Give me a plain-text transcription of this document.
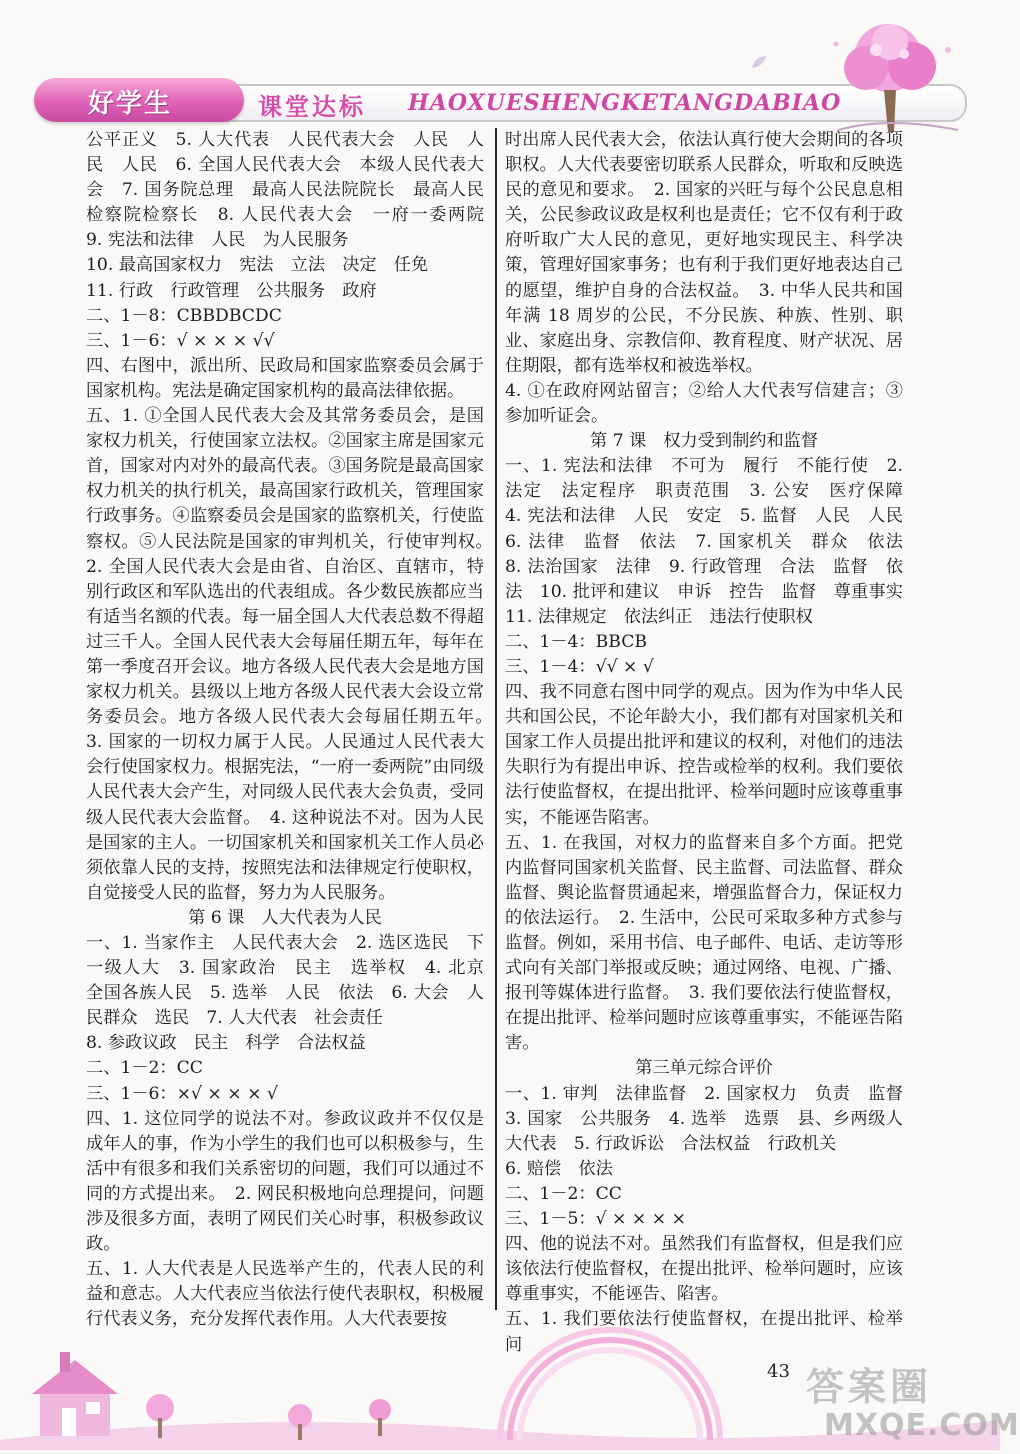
好学生	课堂达标 HAOXUESHENGKETANGDABIAO

公平正义　5. 人大代表　人民代表大会　人民　人民　人民　6. 全国人民代表大会　本级人民代表大会　7. 国务院总理　最高人民法院院长　最高人民检察院检察长　8. 人民代表大会　一府一委两院　9. 宪法和法律　人民　为人民服务

10. 最高国家权力　宪法　立法　决定　任免

11. 行政　行政管理　公共服务　政府

二、1－8：CBBDBCDC

三、1－6：√ × × × √√

四、右图中，派出所、民政局和国家监察委员会属于国家机构。宪法是确定国家机构的最高法律依据。

五、1. ①全国人民代表大会及其常务委员会，是国家权力机关，行使国家立法权。②国家主席是国家元首，国家对内对外的最高代表。③国务院是最高国家权力机关的执行机关，最高国家行政机关，管理国家行政事务。④监察委员会是国家的监察机关，行使监察权。⑤人民法院是国家的审判机关，行使审判权。　2. 全国人民代表大会是由省、自治区、直辖市，特别行政区和军队选出的代表组成。各少数民族都应当有适当名额的代表。每一届全国人大代表总数不得超过三千人。全国人民代表大会每届任期五年，每年在第一季度召开会议。地方各级人民代表大会是地方国家权力机关。县级以上地方各级人民代表大会设立常务委员会。地方各级人民代表大会每届任期五年。　3. 国家的一切权力属于人民。人民通过人民代表大会行使国家权力。根据宪法，“一府一委两院”由同级人民代表大会产生，对同级人民代表大会负责，受同级人民代表大会监督。　4. 这种说法不对。因为人民是国家的主人。一切国家机关和国家机关工作人员必须依靠人民的支持，按照宪法和法律规定行使职权，自觉接受人民的监督，努力为人民服务。

第 6 课　人大代表为人民

一、1. 当家作主　人民代表大会　2. 选区选民　下一级人大　3. 国家政治　民主　选举权　4. 北京　全国各族人民　5. 选举　人民　依法　6. 大会　人民群众　选民　7. 人大代表　社会责任

8. 参政议政　民主　科学　合法权益

二、1－2：CC

三、1－6：×√ × × × √

四、1. 这位同学的说法不对。参政议政并不仅仅是成年人的事，作为小学生的我们也可以积极参与，生活中有很多和我们关系密切的问题，我们可以通过不同的方式提出来。　2. 网民积极地向总理提问，问题涉及很多方面，表明了网民们关心时事，积极参政议政。

五、1. 人大代表是人民选举产生的，代表人民的利益和意志。人大代表应当依法行使代表职权，积极履行代表义务，充分发挥代表作用。人大代表要按

时出席人民代表大会，依法认真行使大会期间的各项职权。人大代表要密切联系人民群众，听取和反映选民的意见和要求。　2. 国家的兴旺与每个公民息息相关，公民参政议政是权利也是责任；它不仅有利于政府听取广大人民的意见，更好地实现民主、科学决策，管理好国家事务；也有利于我们更好地表达自己的愿望，维护自身的合法权益。　3. 中华人民共和国年满 18 周岁的公民，不分民族、种族、性别、职业、家庭出身、宗教信仰、教育程度、财产状况、居住期限，都有选举权和被选举权。

4. ①在政府网站留言；②给人大代表写信建言；③参加听证会。

第 7 课　权力受到制约和监督

一、1. 宪法和法律　不可为　履行　不能行使　2. 法定　法定程序　职责范围　3. 公安　医疗保障　4. 宪法和法律　人民　安定　5. 监督　人民　人民　6. 法律　监督　依法　7. 国家机关　群众　依法　8. 法治国家　法律　9. 行政管理　合法　监督　依法　10. 批评和建议　申诉　控告　监督　尊重事实　11. 法律规定　依法纠正　违法行使职权

二、1－4：BBCB

三、1－4：√√ × √

四、我不同意右图中同学的观点。因为作为中华人民共和国公民，不论年龄大小，我们都有对国家机关和国家工作人员提出批评和建议的权利，对他们的违法失职行为有提出申诉、控告或检举的权利。我们要依法行使监督权，在提出批评、检举问题时应该尊重事实，不能诬告陷害。

五、1. 在我国，对权力的监督来自多个方面。把党内监督同国家机关监督、民主监督、司法监督、群众监督、舆论监督贯通起来，增强监督合力，保证权力的依法运行。　2. 生活中，公民可采取多种方式参与监督。例如，采用书信、电子邮件、电话、走访等形式向有关部门举报或反映；通过网络、电视、广播、报刊等媒体进行监督。　3. 我们要依法行使监督权，在提出批评、检举问题时应该尊重事实，不能诬告陷害。

第三单元综合评价

一、1. 审判　法律监督　2. 国家权力　负责　监督　3. 国家　公共服务　4. 选举　选票　县、乡两级人大代表　5. 行政诉讼　合法权益　行政机关

6. 赔偿　依法

二、1－2：CC

三、1－5：√ × × × ×

四、他的说法不对。虽然我们有监督权，但是我们应该依法行使监督权，在提出批评、检举问题时，应该尊重事实，不能诬告、陷害。

五、1. 我们要依法行使监督权，在提出批评、检举问

43 答案圈
MXQE.COM
